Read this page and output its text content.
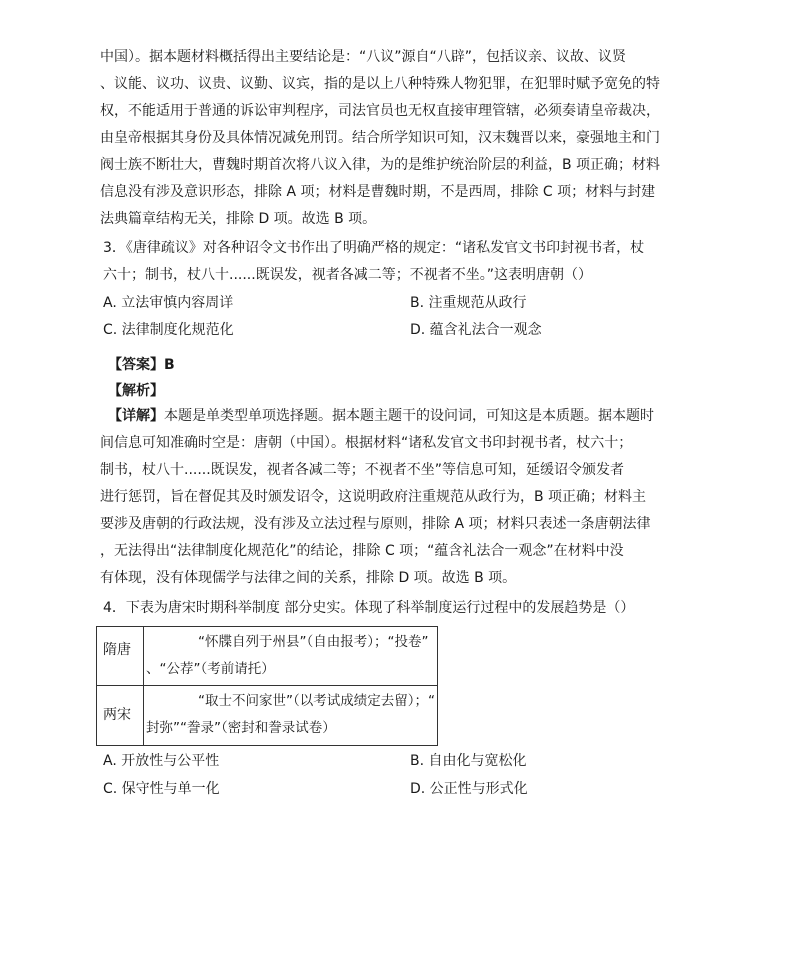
中国）。据本题材料概括得出主要结论是：“八议”源自“八辟”，包括议亲、议故、议贤
、议能、议功、议贵、议勤、议宾，指的是以上八种特殊人物犯罪，在犯罪时赋予宽免的特
权，不能适用于普通的诉讼审判程序，司法官员也无权直接审理管辖，必须奏请皇帝裁决，
由皇帝根据其身份及具体情况减免刑罚。结合所学知识可知，汉末魏晋以来，豪强地主和门
阀士族不断壮大，曹魏时期首次将八议入律，为的是维护统治阶层的利益，B 项正确；材料
信息没有涉及意识形态，排除 A 项；材料是曹魏时期，不是西周，排除 C 项；材料与封建
法典篇章结构无关，排除 D 项。故选 B 项。
3．《唐律疏议》对各种诏令文书作出了明确严格的规定：“诸私发官文书印封视书者，杖
六十；制书，杖八十......既误发，视者各减二等；不视者不坐。”这表明唐朝（）
A. 立法审慎内容周详	B. 注重规范从政行
C. 法律制度化规范化	D. 蕴含礼法合一观念
【答案】B
【解析】
【详解】本题是单类型单项选择题。据本题主题干的设问词，可知这是本质题。据本题时
间信息可知准确时空是：唐朝（中国）。根据材料“诸私发官文书印封视书者，杖六十；
制书，杖八十......既误发，视者各减二等；不视者不坐”等信息可知，延缓诏令颁发者
进行惩罚，旨在督促其及时颁发诏令，这说明政府注重规范从政行为，B 项正确；材料主
要涉及唐朝的行政法规，没有涉及立法过程与原则，排除 A 项；材料只表述一条唐朝法律
，无法得出“法律制度化规范化”的结论，排除 C 项；“蕴含礼法合一观念”在材料中没
有体现，没有体现儒学与法律之间的关系，排除 D 项。故选 B 项。
4．下表为唐宋时期科举制度 部分史实。体现了科举制度运行过程中的发展趋势是（）
隋唐	“怀牒自列于州县”（自由报考）；“投卷”
、“公荐”（考前请托）

两宋	“取士不问家世”（以考试成绩定去留）；“
封弥”“誊录”（密封和誊录试卷）
A. 开放性与公平性	B. 自由化与宽松化
C. 保守性与单一化	D. 公正性与形式化
